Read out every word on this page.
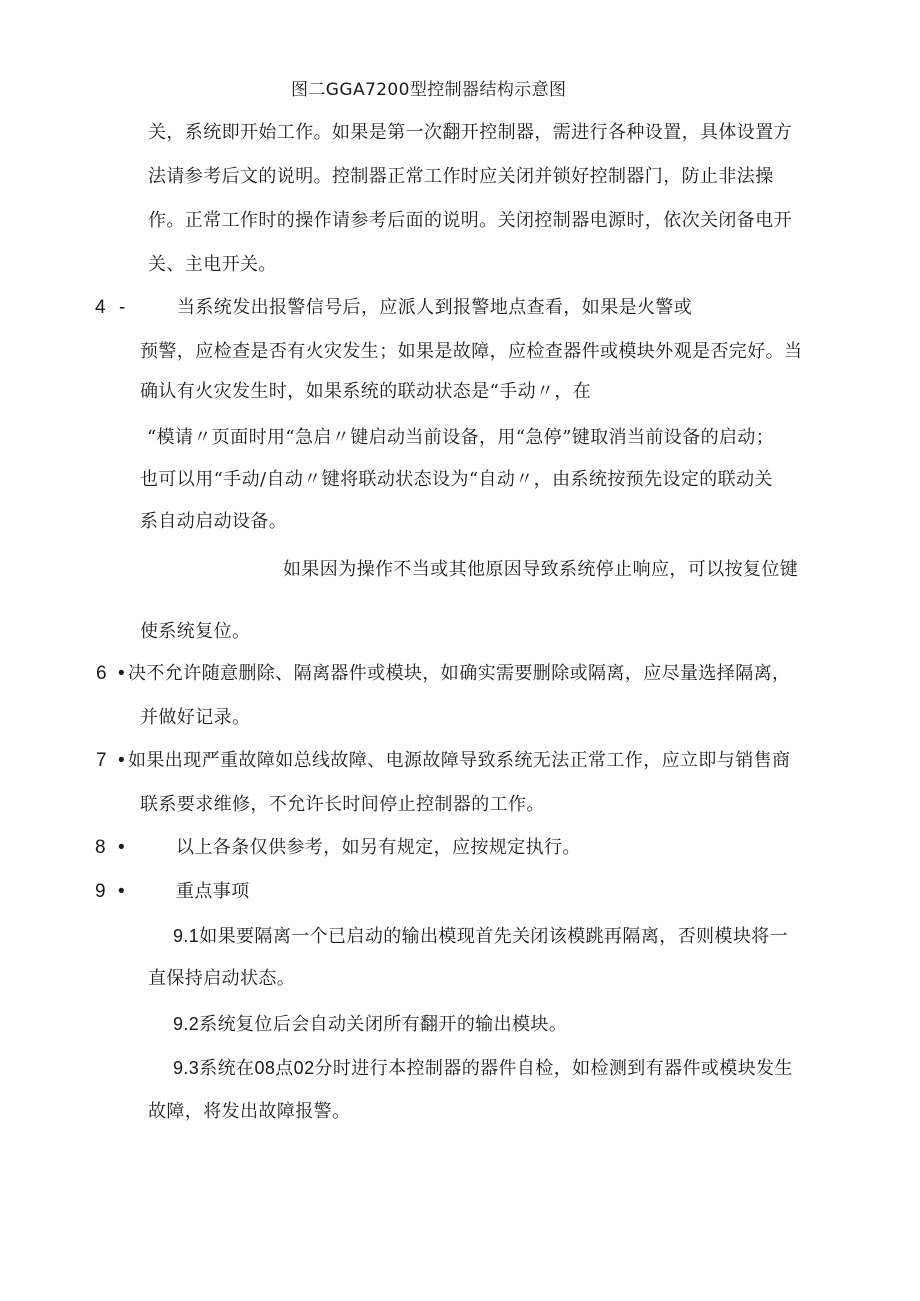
图二GGA7200型控制器结构示意图
关，系统即开始工作。如果是第一次翻开控制器，需进行各种设置，具体设置方
法请参考后文的说明。控制器正常工作时应关闭并锁好控制器门，防止非法操
作。正常工作时的操作请参考后面的说明。关闭控制器电源时，依次关闭备电开
关、主电开关。
4 -	当系统发出报警信号后，应派人到报警地点查看，如果是火警或
预警，应检查是否有火灾发生；如果是故障，应检查器件或模块外观是否完好。当
确认有火灾发生时，如果系统的联动状态是“手动〃，在
“模请〃页面时用“急启〃键启动当前设备，用“急停”键取消当前设备的启动；
也可以用“手动/自动〃键将联动状态设为“自动〃，由系统按预先设定的联动关
系自动启动设备。
如果因为操作不当或其他原因导致系统停止响应，可以按复位键
使系统复位。
6 • 决不允许随意删除、隔离器件或模块，如确实需要删除或隔离，应尽量选择隔离，
并做好记录。
7 • 如果出现严重故障如总线故障、电源故障导致系统无法正常工作，应立即与销售商
联系要求维修，不允许长时间停止控制器的工作。
8 •	以上各条仅供参考，如另有规定，应按规定执行。
9 •	重点事项
9.1如果要隔离一个已启动的输出模现首先关闭该模跳再隔离，否则模块将一
直保持启动状态。
9.2系统复位后会自动关闭所有翻开的输出模块。
9.3系统在08点02分时进行本控制器的器件自检，如检测到有器件或模块发生
故障，将发出故障报警。
